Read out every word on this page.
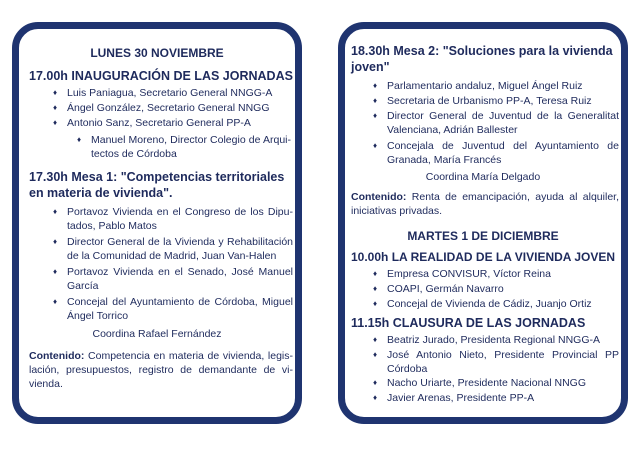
LUNES 30 NOVIEMBRE
17.00h INAUGURACIÓN DE LAS JORNADAS
♦ Luis Paniagua, Secretario General NNGG-A
♦ Ángel González, Secretario General NNGG
♦ Antonio Sanz, Secretario General PP-A
♦ Manuel Moreno, Director Colegio de Arqui-tectos de Córdoba
17.30h Mesa 1: "Competencias territoriales
en materia de vivienda".
♦ Portavoz Vivienda en el Congreso de los Dipu-tados, Pablo Matos
♦ Director General de la Vivienda y Rehabilitación de la Comunidad de Madrid, Juan Van-Halen
♦ Portavoz Vivienda en el Senado, José Manuel García
♦ Concejal del Ayuntamiento de Córdoba, Miguel Ángel Torrico
Coordina Rafael Fernández
Contenido: Competencia en materia de vivienda, legis-lación, presupuestos, registro de demandante de vi-vienda.
18.30h Mesa 2: "Soluciones para la vivienda
joven"
♦ Parlamentario andaluz, Miguel Ángel Ruiz
♦ Secretaria de Urbanismo PP-A, Teresa Ruiz
♦ Director General de Juventud de la Generalitat Valenciana, Adrián Ballester
♦ Concejala de Juventud del Ayuntamiento de Granada, María Francés
Coordina María Delgado
Contenido: Renta de emancipación, ayuda al alquiler, iniciativas privadas.
MARTES 1 DE DICIEMBRE
10.00h LA REALIDAD DE LA VIVIENDA JOVEN
♦ Empresa CONVISUR, Víctor Reina
♦ COAPI, Germán Navarro
♦ Concejal de Vivienda de Cádiz, Juanjo Ortiz
11.15h CLAUSURA DE LAS JORNADAS
♦ Beatriz Jurado, Presidenta Regional NNGG-A
♦ José Antonio Nieto, Presidente Provincial PP Córdoba
♦ Nacho Uriarte, Presidente Nacional NNGG
♦ Javier Arenas, Presidente PP-A
